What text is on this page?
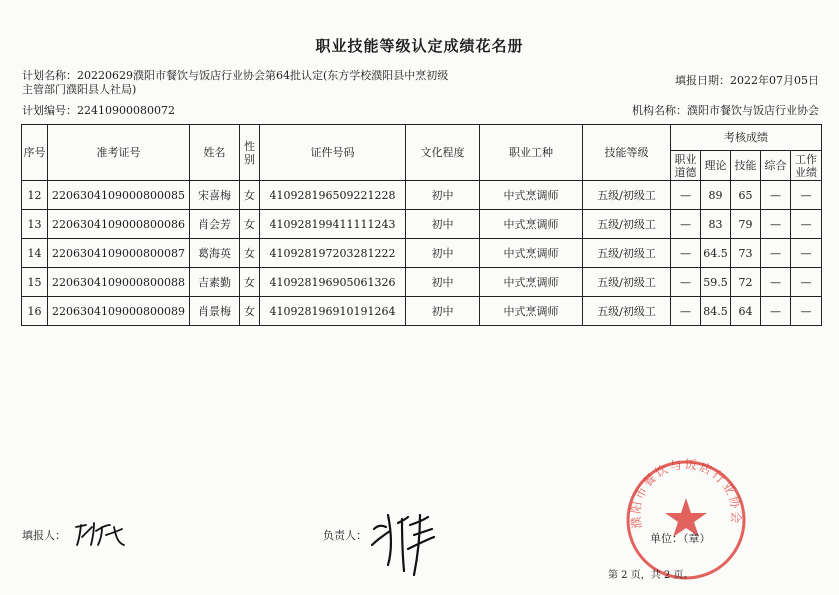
职业技能等级认定成绩花名册
计划名称：20220629濮阳市餐饮与饭店行业协会第64批认定(东方学校濮阳县中烹初级
主管部门濮阳县人社局)
填报日期：2022年07月05日
计划编号：22410900080072	机构名称：濮阳市餐饮与饭店行业协会
序号	准考证号	姓名	性别	证件号码	文化程度	职业工种	技能等级	考核成绩				
								职业道德	理论	技能	综合	工作业绩
12	2206304109000800085	宋喜梅	女	410928196509221228	初中	中式烹调师	五级/初级工	—	89	65	—	—
13	2206304109000800086	肖会芳	女	410928199411111243	初中	中式烹调师	五级/初级工	—	83	79	—	—
14	2206304109000800087	葛海英	女	410928197203281222	初中	中式烹调师	五级/初级工	—	64.5	73	—	—
15	2206304109000800088	吉素勤	女	410928196905061326	初中	中式烹调师	五级/初级工	—	59.5	72	—	—
16	2206304109000800089	肖景梅	女	410928196910191264	初中	中式烹调师	五级/初级工	—	84.5	64	—	—
填报人：	负责人：
濮阳市餐饮与饭店行业协会
单位：（章）
第 2 页，共 2 页。
